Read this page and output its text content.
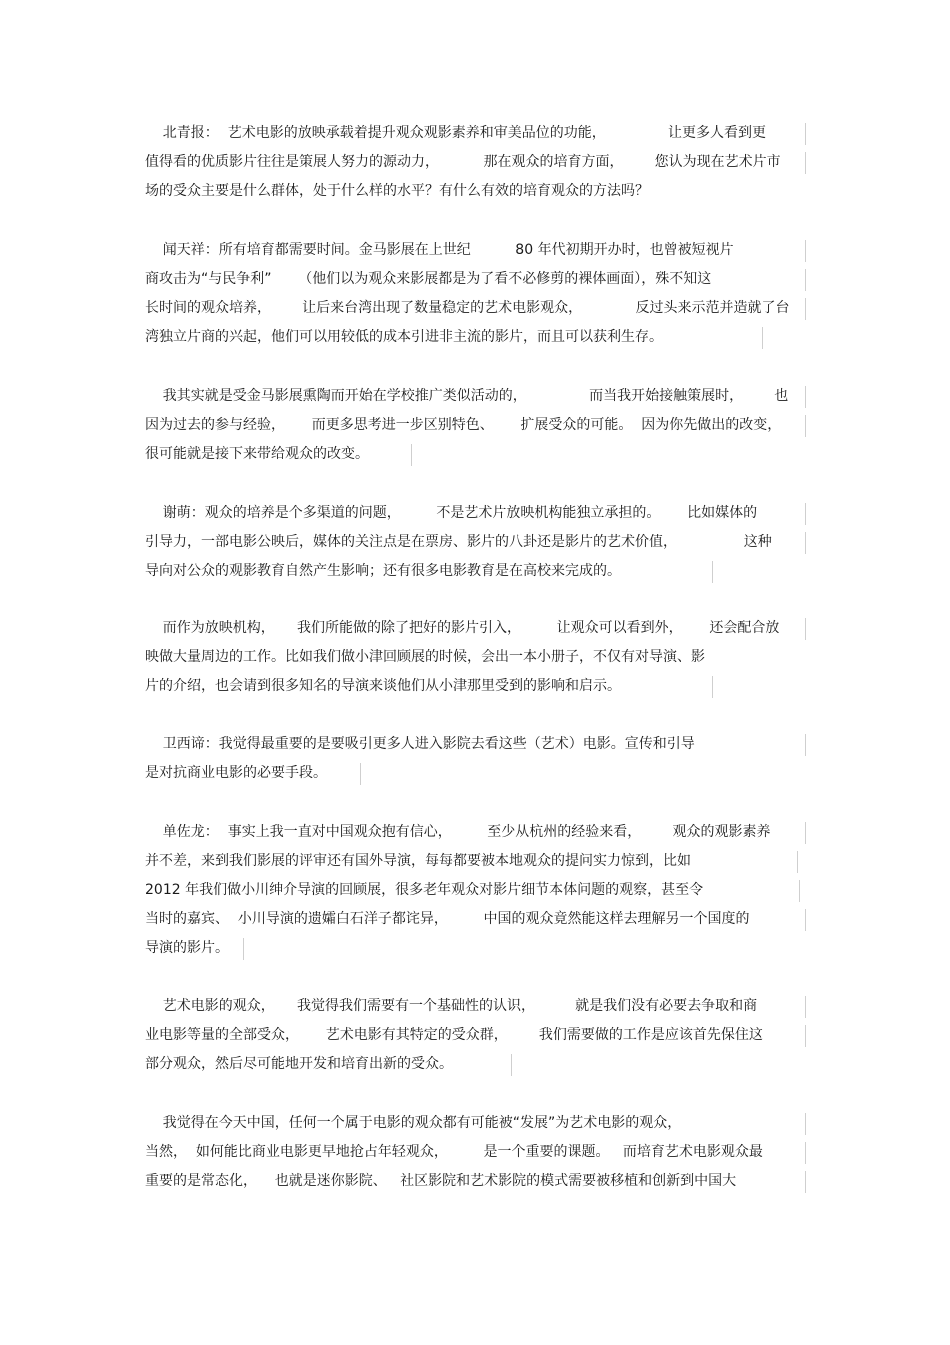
北青报：  艺术电影的放映承载着提升观众观影素养和审美品位的功能，              让更多人看到更
值得看的优质影片往往是策展人努力的源动力，          那在观众的培育方面，       您认为现在艺术片市
场的受众主要是什么群体，处于什么样的水平？有什么有效的培育观众的方法吗？
闻天祥：所有培育都需要时间。金马影展在上世纪          80 年代初期开办时，也曾被短视片
商攻击为“与民争利”      （他们以为观众来影展都是为了看不必修剪的裸体画面），殊不知这
长时间的观众培养，       让后来台湾出现了数量稳定的艺术电影观众，            反过头来示范并造就了台
湾独立片商的兴起，他们可以用较低的成本引进非主流的影片，而且可以获利生存。
我其实就是受金马影展熏陶而开始在学校推广类似活动的，              而当我开始接触策展时，       也
因为过去的参与经验，      而更多思考进一步区别特色、      扩展受众的可能。  因为你先做出的改变，
很可能就是接下来带给观众的改变。
谢萌：观众的培养是个多渠道的问题，        不是艺术片放映机构能独立承担的。      比如媒体的
引导力，一部电影公映后，媒体的关注点是在票房、影片的八卦还是影片的艺术价值，               这种
导向对公众的观影教育自然产生影响；还有很多电影教育是在高校来完成的。
而作为放映机构，     我们所能做的除了把好的影片引入，        让观众可以看到外，      还会配合放
映做大量周边的工作。比如我们做小津回顾展的时候，会出一本小册子，不仅有对导演、影
片的介绍，也会请到很多知名的导演来谈他们从小津那里受到的影响和启示。
卫西谛：我觉得最重要的是要吸引更多人进入影院去看这些（艺术）电影。宣传和引导
是对抗商业电影的必要手段。
单佐龙：  事实上我一直对中国观众抱有信心，        至少从杭州的经验来看，       观众的观影素养
并不差，来到我们影展的评审还有国外导演，每每都要被本地观众的提问实力惊到，比如
2012 年我们做小川绅介导演的回顾展，很多老年观众对影片细节本体问题的观察，甚至令
当时的嘉宾、  小川导演的遗孀白石洋子都诧异，        中国的观众竟然能这样去理解另一个国度的
导演的影片。
艺术电影的观众，     我觉得我们需要有一个基础性的认识，         就是我们没有必要去争取和商
业电影等量的全部受众，      艺术电影有其特定的受众群，       我们需要做的工作是应该首先保住这
部分观众，然后尽可能地开发和培育出新的受众。
我觉得在今天中国，任何一个属于电影的观众都有可能被“发展”为艺术电影的观众，
当然，  如何能比商业电影更早地抢占年轻观众，        是一个重要的课题。   而培育艺术电影观众最
重要的是常态化，    也就是迷你影院、   社区影院和艺术影院的模式需要被移植和创新到中国大
